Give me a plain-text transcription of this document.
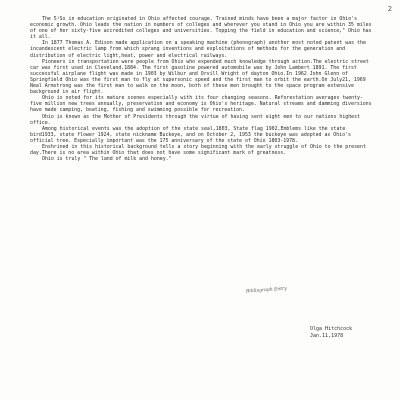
2

The 5¹Ss in education originated in Ohio affected courage. Trained minds have been a major factor in Ohio's economic growth. Ohio leads the nation in numbers of colleges and wherever you stand in Ohio you are within 35 miles of one of her sixty-five accredited colleges and universities. Topping the field in education and science," Ohio has it all.

In 1877 Thomas A. Edison made application on a speaking machine (phonograph) another most noted patent was the incandescent electric lamp from which sprang inventions and exploitations of methods for the generation and distribution of electric light,heat, power and electrical railways.

Pioneers in transportation were people from Ohio who expended much knowledge through action.The electric street car was first used in Cleveland.1884. The first gasoline powered automobile was by John Lambert 1891. The first successful airplane flight was made in 1903 by Wilbur and Orvill Wright of dayton Ohio.In 1962 John Glenn of Springfield Ohio was the first man to fly at supersonic speed and the first man to orbit the earth.On July21, 1969 Neal Armstrong was the first man to walk on the moon, both of these men brought to the space program extensive background in air flight.

Ohio is noted for its mature scenes especially with its four changing seasons. Reforestation averages twenty-five million new trees annually, preservation and economy is Ohio's heritage. Natural streams and damming diversions have made camping, boating, fishing and swimming possible for recreation.

Ohio is known as the Mother of Presidents through the virtue of having sent eight men to our nations highest office.

Among historical events was the adoption of the state seal,1803, State flag 1902,Emblems like the state bird1933, state flower 1924, state nickname Buckeye, and on October 2, 1953 the buckeye was adopted as Ohio's official tree. Especially important was the 175 anniversary of the state of Ohio 1803-1978.

Enshrined in this historical background tells a story beginning with the early struggle of Ohio to the present day.There is no area within Ohio that does not have some significant mark of greatness.

Ohio is truly " The land of milk and honey."

Bibliograph Entry
Olga Hitchcock
Jan.11,1978
